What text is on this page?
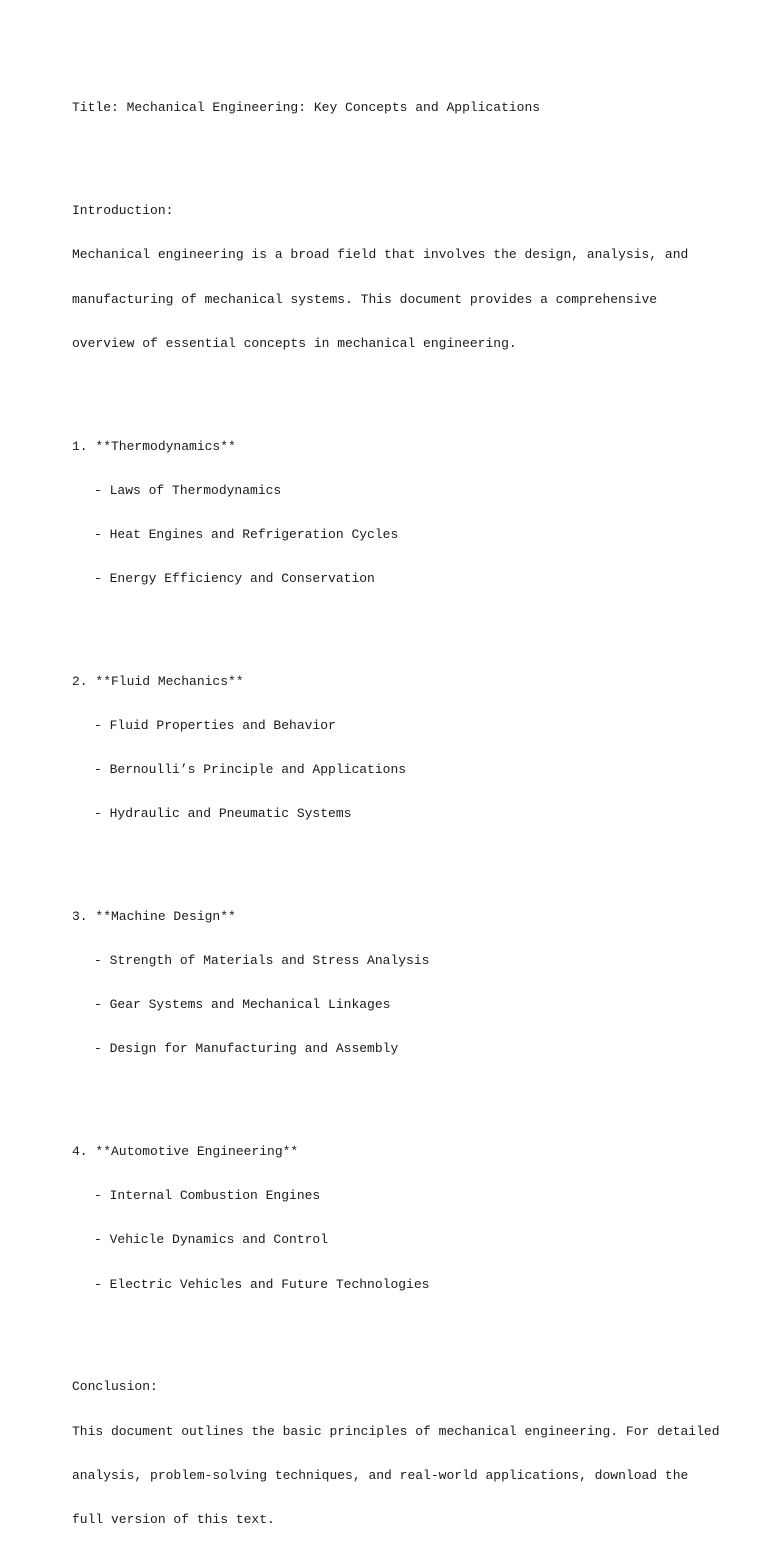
Title: Mechanical Engineering: Key Concepts and Applications

Introduction:

Mechanical engineering is a broad field that involves the design, analysis, and

manufacturing of mechanical systems. This document provides a comprehensive

overview of essential concepts in mechanical engineering.

1. **Thermodynamics**

- Laws of Thermodynamics

- Heat Engines and Refrigeration Cycles

- Energy Efficiency and Conservation

2. **Fluid Mechanics**

- Fluid Properties and Behavior

- Bernoulli’s Principle and Applications

- Hydraulic and Pneumatic Systems

3. **Machine Design**

- Strength of Materials and Stress Analysis

- Gear Systems and Mechanical Linkages

- Design for Manufacturing and Assembly

4. **Automotive Engineering**

- Internal Combustion Engines

- Vehicle Dynamics and Control

- Electric Vehicles and Future Technologies

Conclusion:

This document outlines the basic principles of mechanical engineering. For detailed

analysis, problem-solving techniques, and real-world applications, download the

full version of this text.
